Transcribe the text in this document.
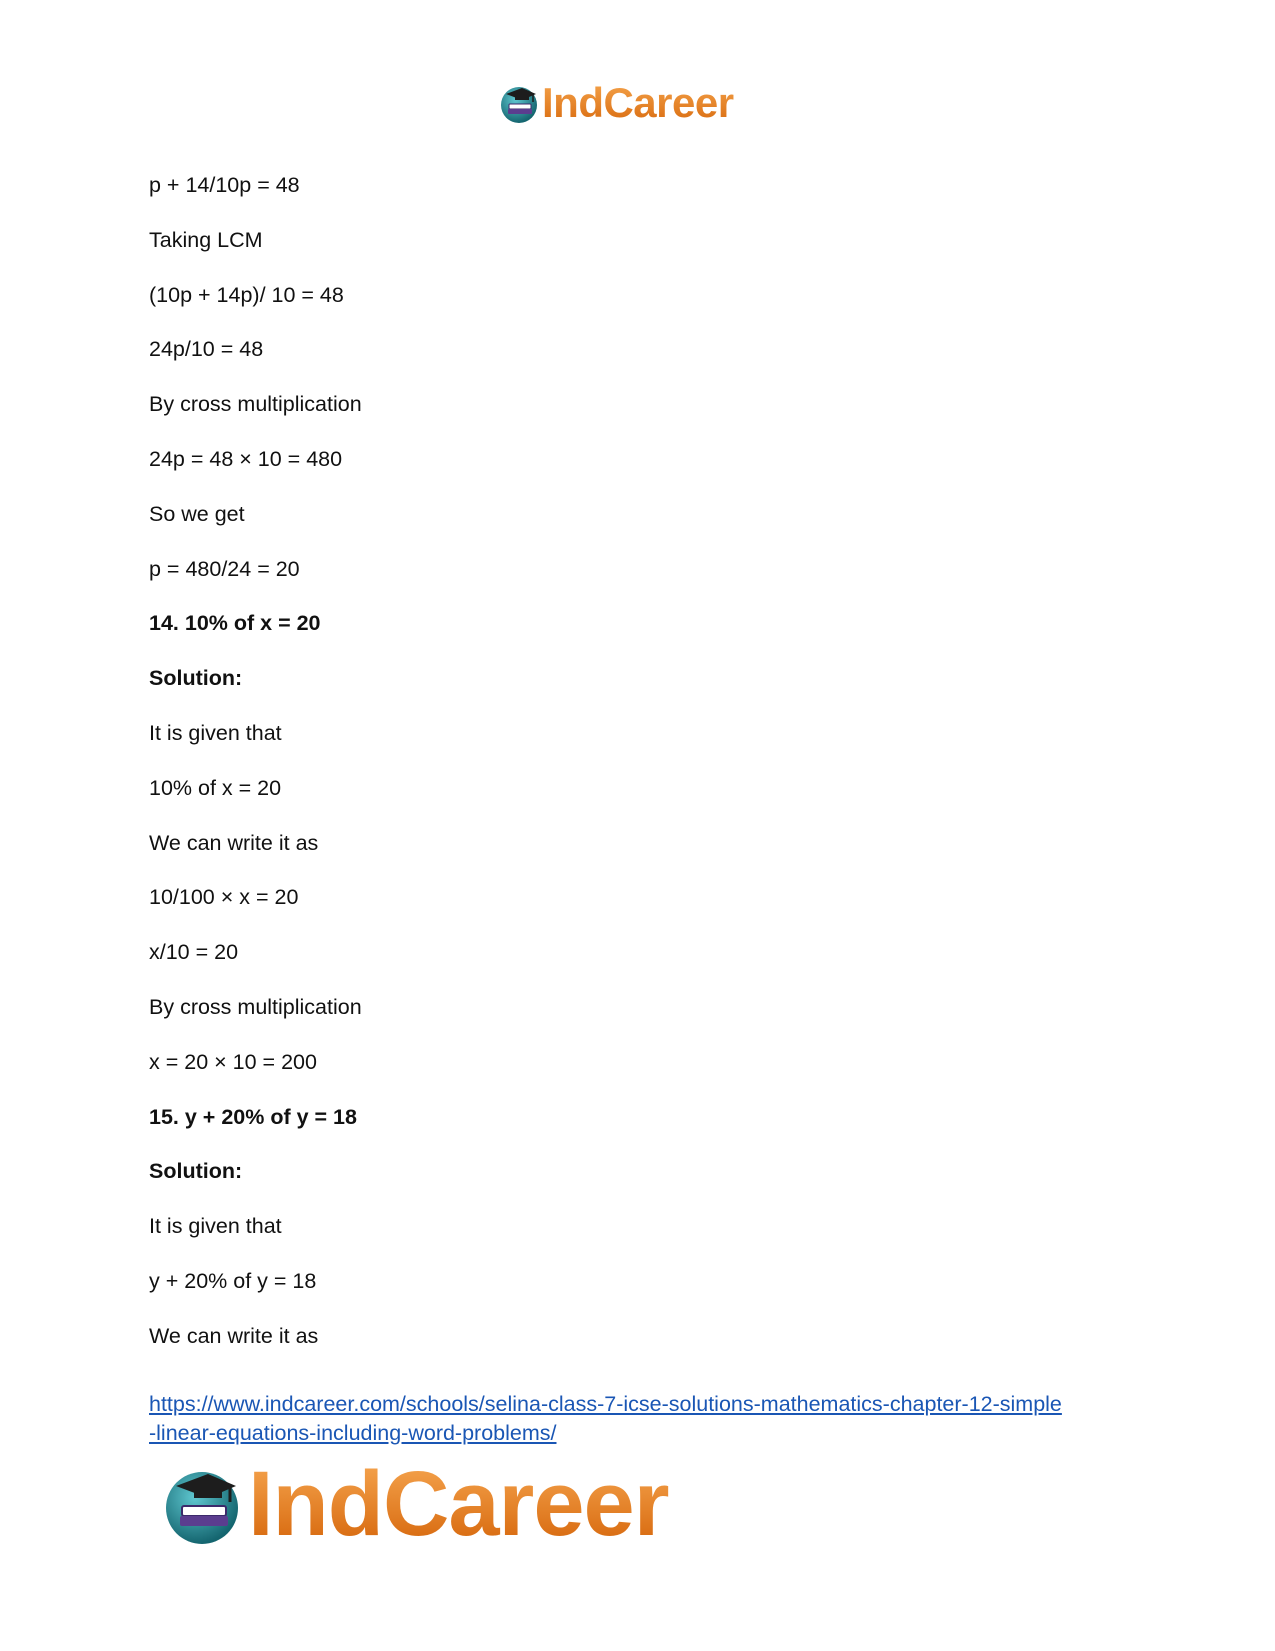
IndCareer
p + 14/10p = 48
Taking LCM
(10p + 14p)/ 10 = 48
24p/10 = 48
By cross multiplication
24p = 48 × 10 = 480
So we get
p = 480/24 = 20
14. 10% of x = 20
Solution:
It is given that
10% of x = 20
We can write it as
10/100 × x = 20
x/10 = 20
By cross multiplication
x = 20 × 10 = 200
15. y + 20% of y = 18
Solution:
It is given that
y + 20% of y = 18
We can write it as
https://www.indcareer.com/schools/selina-class-7-icse-solutions-mathematics-chapter-12-simple
-linear-equations-including-word-problems/
IndCareer
